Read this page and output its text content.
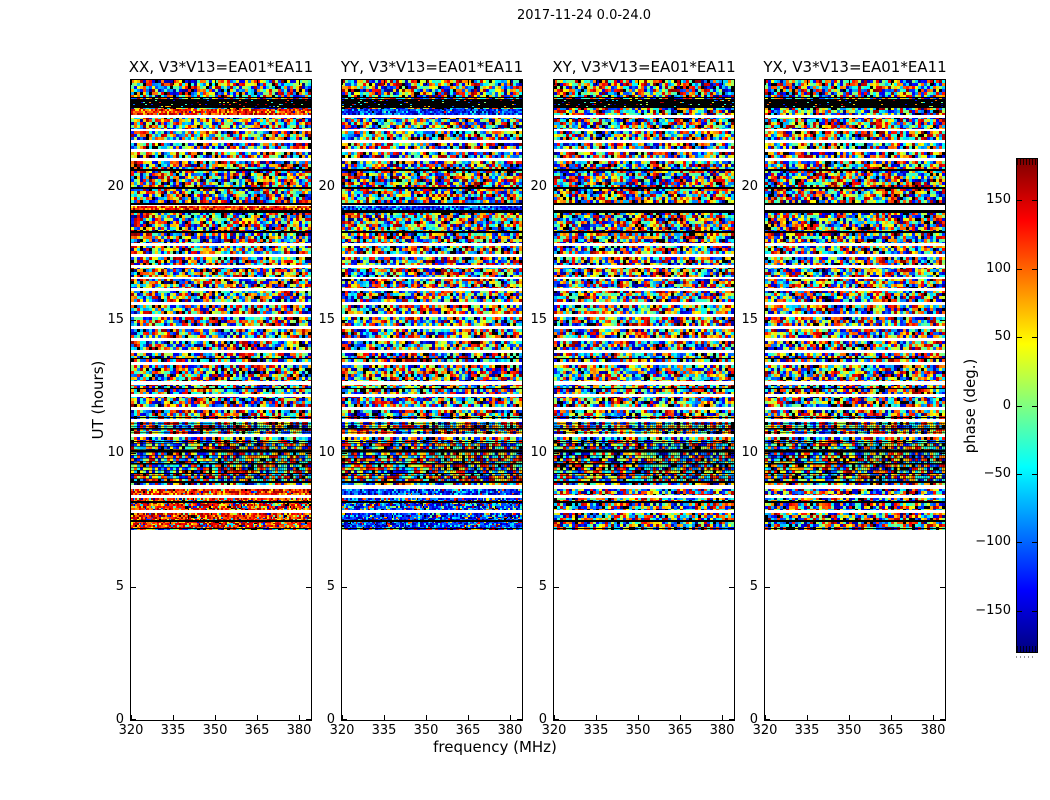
2017-11-24 0.0-24.0
XX, V3*V13=EA01*EA11	YY, V3*V13=EA01*EA11	XY, V3*V13=EA01*EA11	YX, V3*V13=EA01*EA11
UT (hours)
frequency (MHz)
phase (deg.)
320	335	350	365	380
0
5
10
15
20
320	335	350	365	380
0
5
10
15
20
320	335	350	365	380
0
5
10
15
20
320	335	350	365	380
0
5
10
15
20
150
100
50
0
−50
−100
−150
